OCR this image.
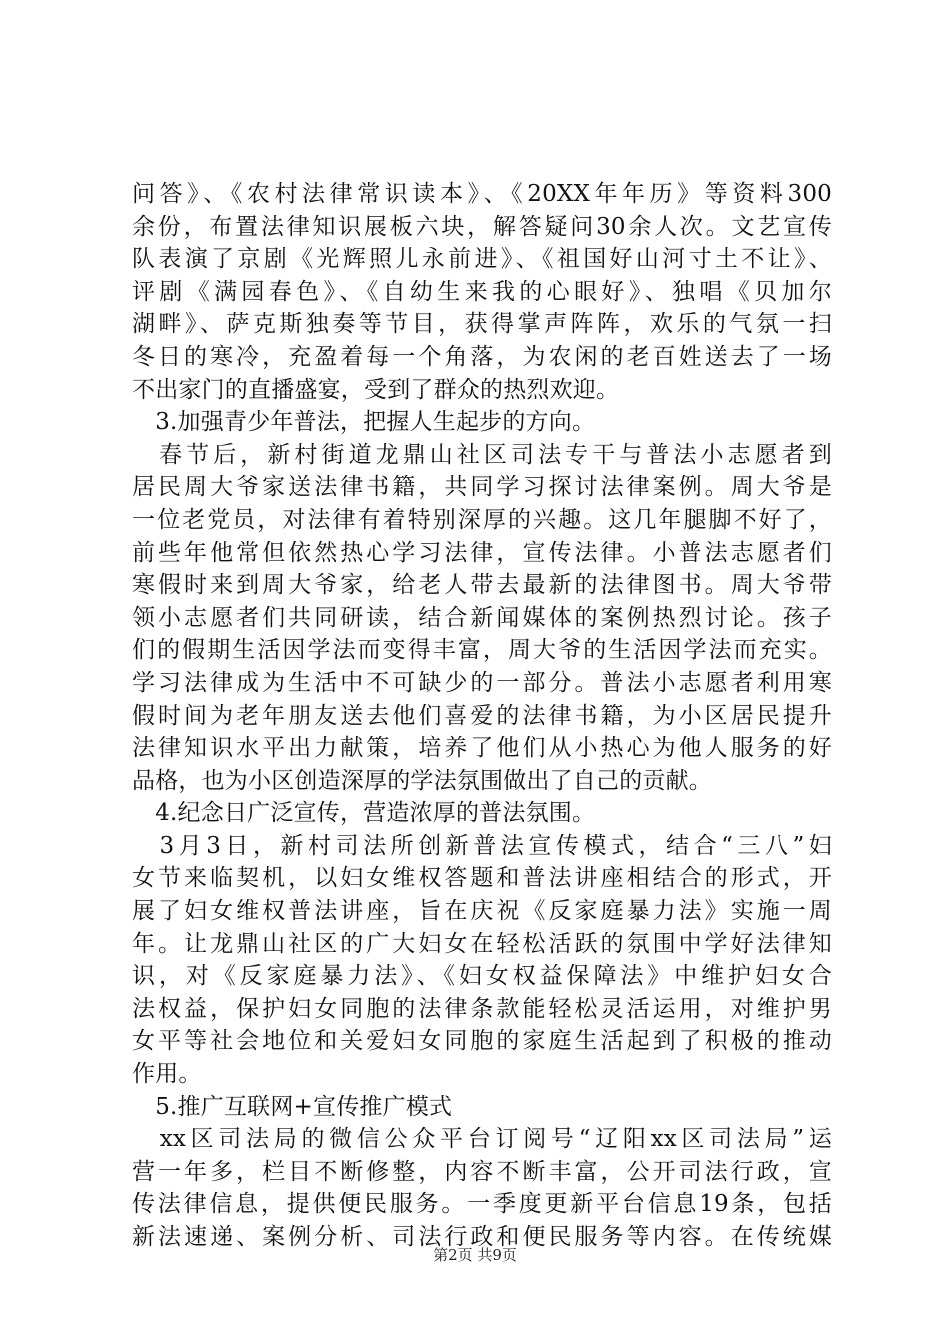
问答》、《农村法律常识读本》、《20XX年年历》等资料300
余份，布置法律知识展板六块，解答疑问30余人次。文艺宣传
队表演了京剧《光辉照儿永前进》、《祖国好山河寸土不让》、
评剧《满园春色》、《自幼生来我的心眼好》、独唱《贝加尔
湖畔》、萨克斯独奏等节目，获得掌声阵阵，欢乐的气氛一扫
冬日的寒冷，充盈着每一个角落，为农闲的老百姓送去了一场
不出家门的直播盛宴，受到了群众的热烈欢迎。
　3.加强青少年普法，把握人生起步的方向。
　春节后，新村街道龙鼎山社区司法专干与普法小志愿者到
居民周大爷家送法律书籍，共同学习探讨法律案例。周大爷是
一位老党员，对法律有着特别深厚的兴趣。这几年腿脚不好了，
前些年他常但依然热心学习法律，宣传法律。小普法志愿者们
寒假时来到周大爷家，给老人带去最新的法律图书。周大爷带
领小志愿者们共同研读，结合新闻媒体的案例热烈讨论。孩子
们的假期生活因学法而变得丰富，周大爷的生活因学法而充实。
学习法律成为生活中不可缺少的一部分。普法小志愿者利用寒
假时间为老年朋友送去他们喜爱的法律书籍，为小区居民提升
法律知识水平出力献策，培养了他们从小热心为他人服务的好
品格，也为小区创造深厚的学法氛围做出了自己的贡献。
　4.纪念日广泛宣传，营造浓厚的普法氛围。
　3月3日，新村司法所创新普法宣传模式，结合“三八”妇
女节来临契机，以妇女维权答题和普法讲座相结合的形式，开
展了妇女维权普法讲座，旨在庆祝《反家庭暴力法》实施一周
年。让龙鼎山社区的广大妇女在轻松活跃的氛围中学好法律知
识，对《反家庭暴力法》、《妇女权益保障法》中维护妇女合
法权益，保护妇女同胞的法律条款能轻松灵活运用，对维护男
女平等社会地位和关爱妇女同胞的家庭生活起到了积极的推动
作用。
　5.推广互联网+宣传推广模式
　xx区司法局的微信公众平台订阅号“辽阳xx区司法局”运
营一年多，栏目不断修整，内容不断丰富，公开司法行政，宣
传法律信息，提供便民服务。一季度更新平台信息19条，包括
新法速递、案例分析、司法行政和便民服务等内容。在传统媒
第2页 共9页
